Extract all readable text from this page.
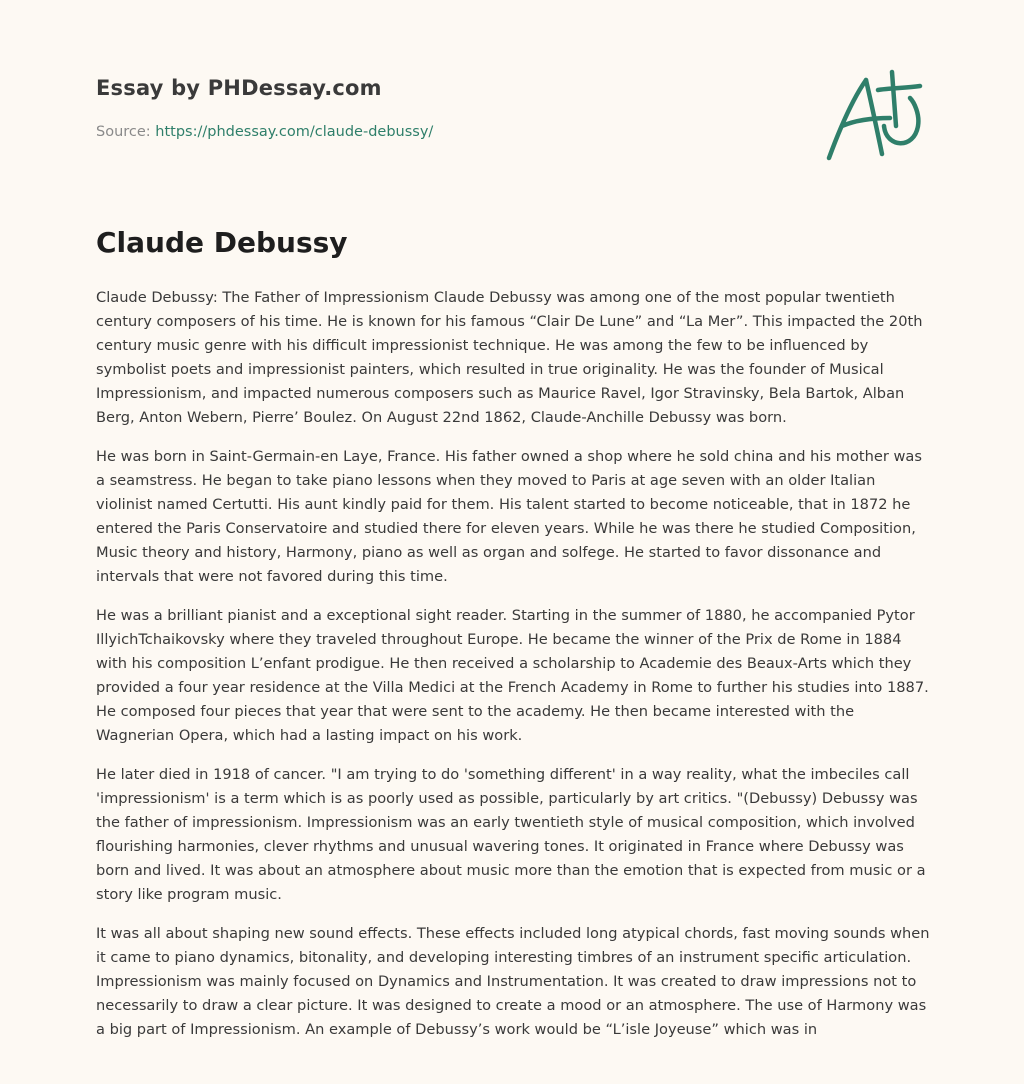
Essay by PHDessay.com
Source: https://phdessay.com/claude-debussy/
Claude Debussy

Claude Debussy: The Father of Impressionism Claude Debussy was among one of the most popular twentieth century composers of his time. He is known for his famous “Clair De Lune” and “La Mer”. This impacted the 20th century music genre with his difficult impressionist technique. He was among the few to be influenced by symbolist poets and impressionist painters, which resulted in true originality. He was the founder of Musical Impressionism, and impacted numerous composers such as Maurice Ravel, Igor Stravinsky, Bela Bartok, Alban Berg, Anton Webern, Pierre’ Boulez. On August 22nd 1862, Claude-Anchille Debussy was born.

He was born in Saint-Germain-en Laye, France. His father owned a shop where he sold china and his mother was a seamstress. He began to take piano lessons when they moved to Paris at age seven with an older Italian violinist named Certutti. His aunt kindly paid for them. His talent started to become noticeable, that in 1872 he entered the Paris Conservatoire and studied there for eleven years. While he was there he studied Composition, Music theory and history, Harmony, piano as well as organ and solfege. He started to favor dissonance and intervals that were not favored during this time.

He was a brilliant pianist and a exceptional sight reader. Starting in the summer of 1880, he accompanied Pytor IllyichTchaikovsky where they traveled throughout Europe. He became the winner of the Prix de Rome in 1884 with his composition L’enfant prodigue. He then received a scholarship to Academie des Beaux-Arts which they provided a four year residence at the Villa Medici at the French Academy in Rome to further his studies into 1887. He composed four pieces that year that were sent to the academy. He then became interested with the Wagnerian Opera, which had a lasting impact on his work.

He later died in 1918 of cancer. "I am trying to do 'something different' in a way reality, what the imbeciles call 'impressionism' is a term which is as poorly used as possible, particularly by art critics. "(Debussy) Debussy was the father of impressionism. Impressionism was an early twentieth style of musical composition, which involved flourishing harmonies, clever rhythms and unusual wavering tones. It originated in France where Debussy was born and lived. It was about an atmosphere about music more than the emotion that is expected from music or a story like program music.

It was all about shaping new sound effects. These effects included long atypical chords, fast moving sounds when it came to piano dynamics, bitonality, and developing interesting timbres of an instrument specific articulation. Impressionism was mainly focused on Dynamics and Instrumentation. It was created to draw impressions not to necessarily to draw a clear picture. It was designed to create a mood or an atmosphere. The use of Harmony was a big part of Impressionism. An example of Debussy’s work would be “L’isle Joyeuse” which was in
